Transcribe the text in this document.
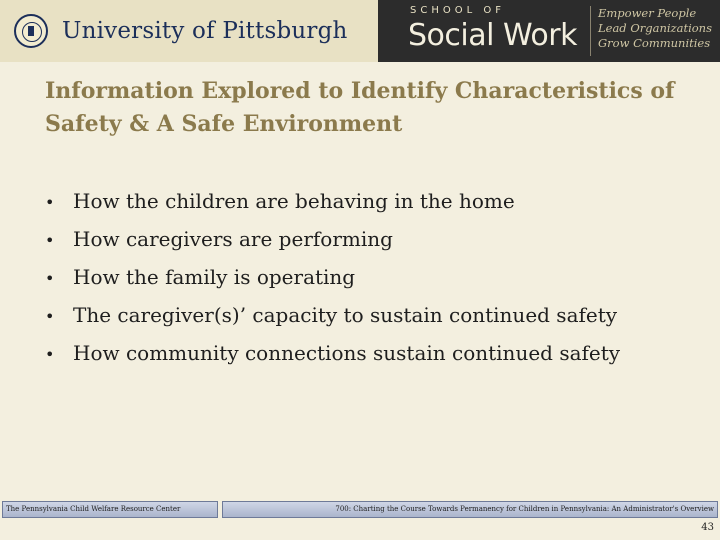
University of Pittsburgh
SCHOOL OF
Social Work
Empower People
Lead Organizations
Grow Communities
Information Explored to Identify Characteristics of Safety & A Safe Environment
• How the children are behaving in the home
• How caregivers are performing
• How the family is operating
• The caregiver(s)’ capacity to sustain continued safety
• How community connections sustain continued safety
The Pennsylvania Child Welfare Resource Center	700: Charting the Course Towards Permanency for Children in Pennsylvania: An Administrator's Overview
43
